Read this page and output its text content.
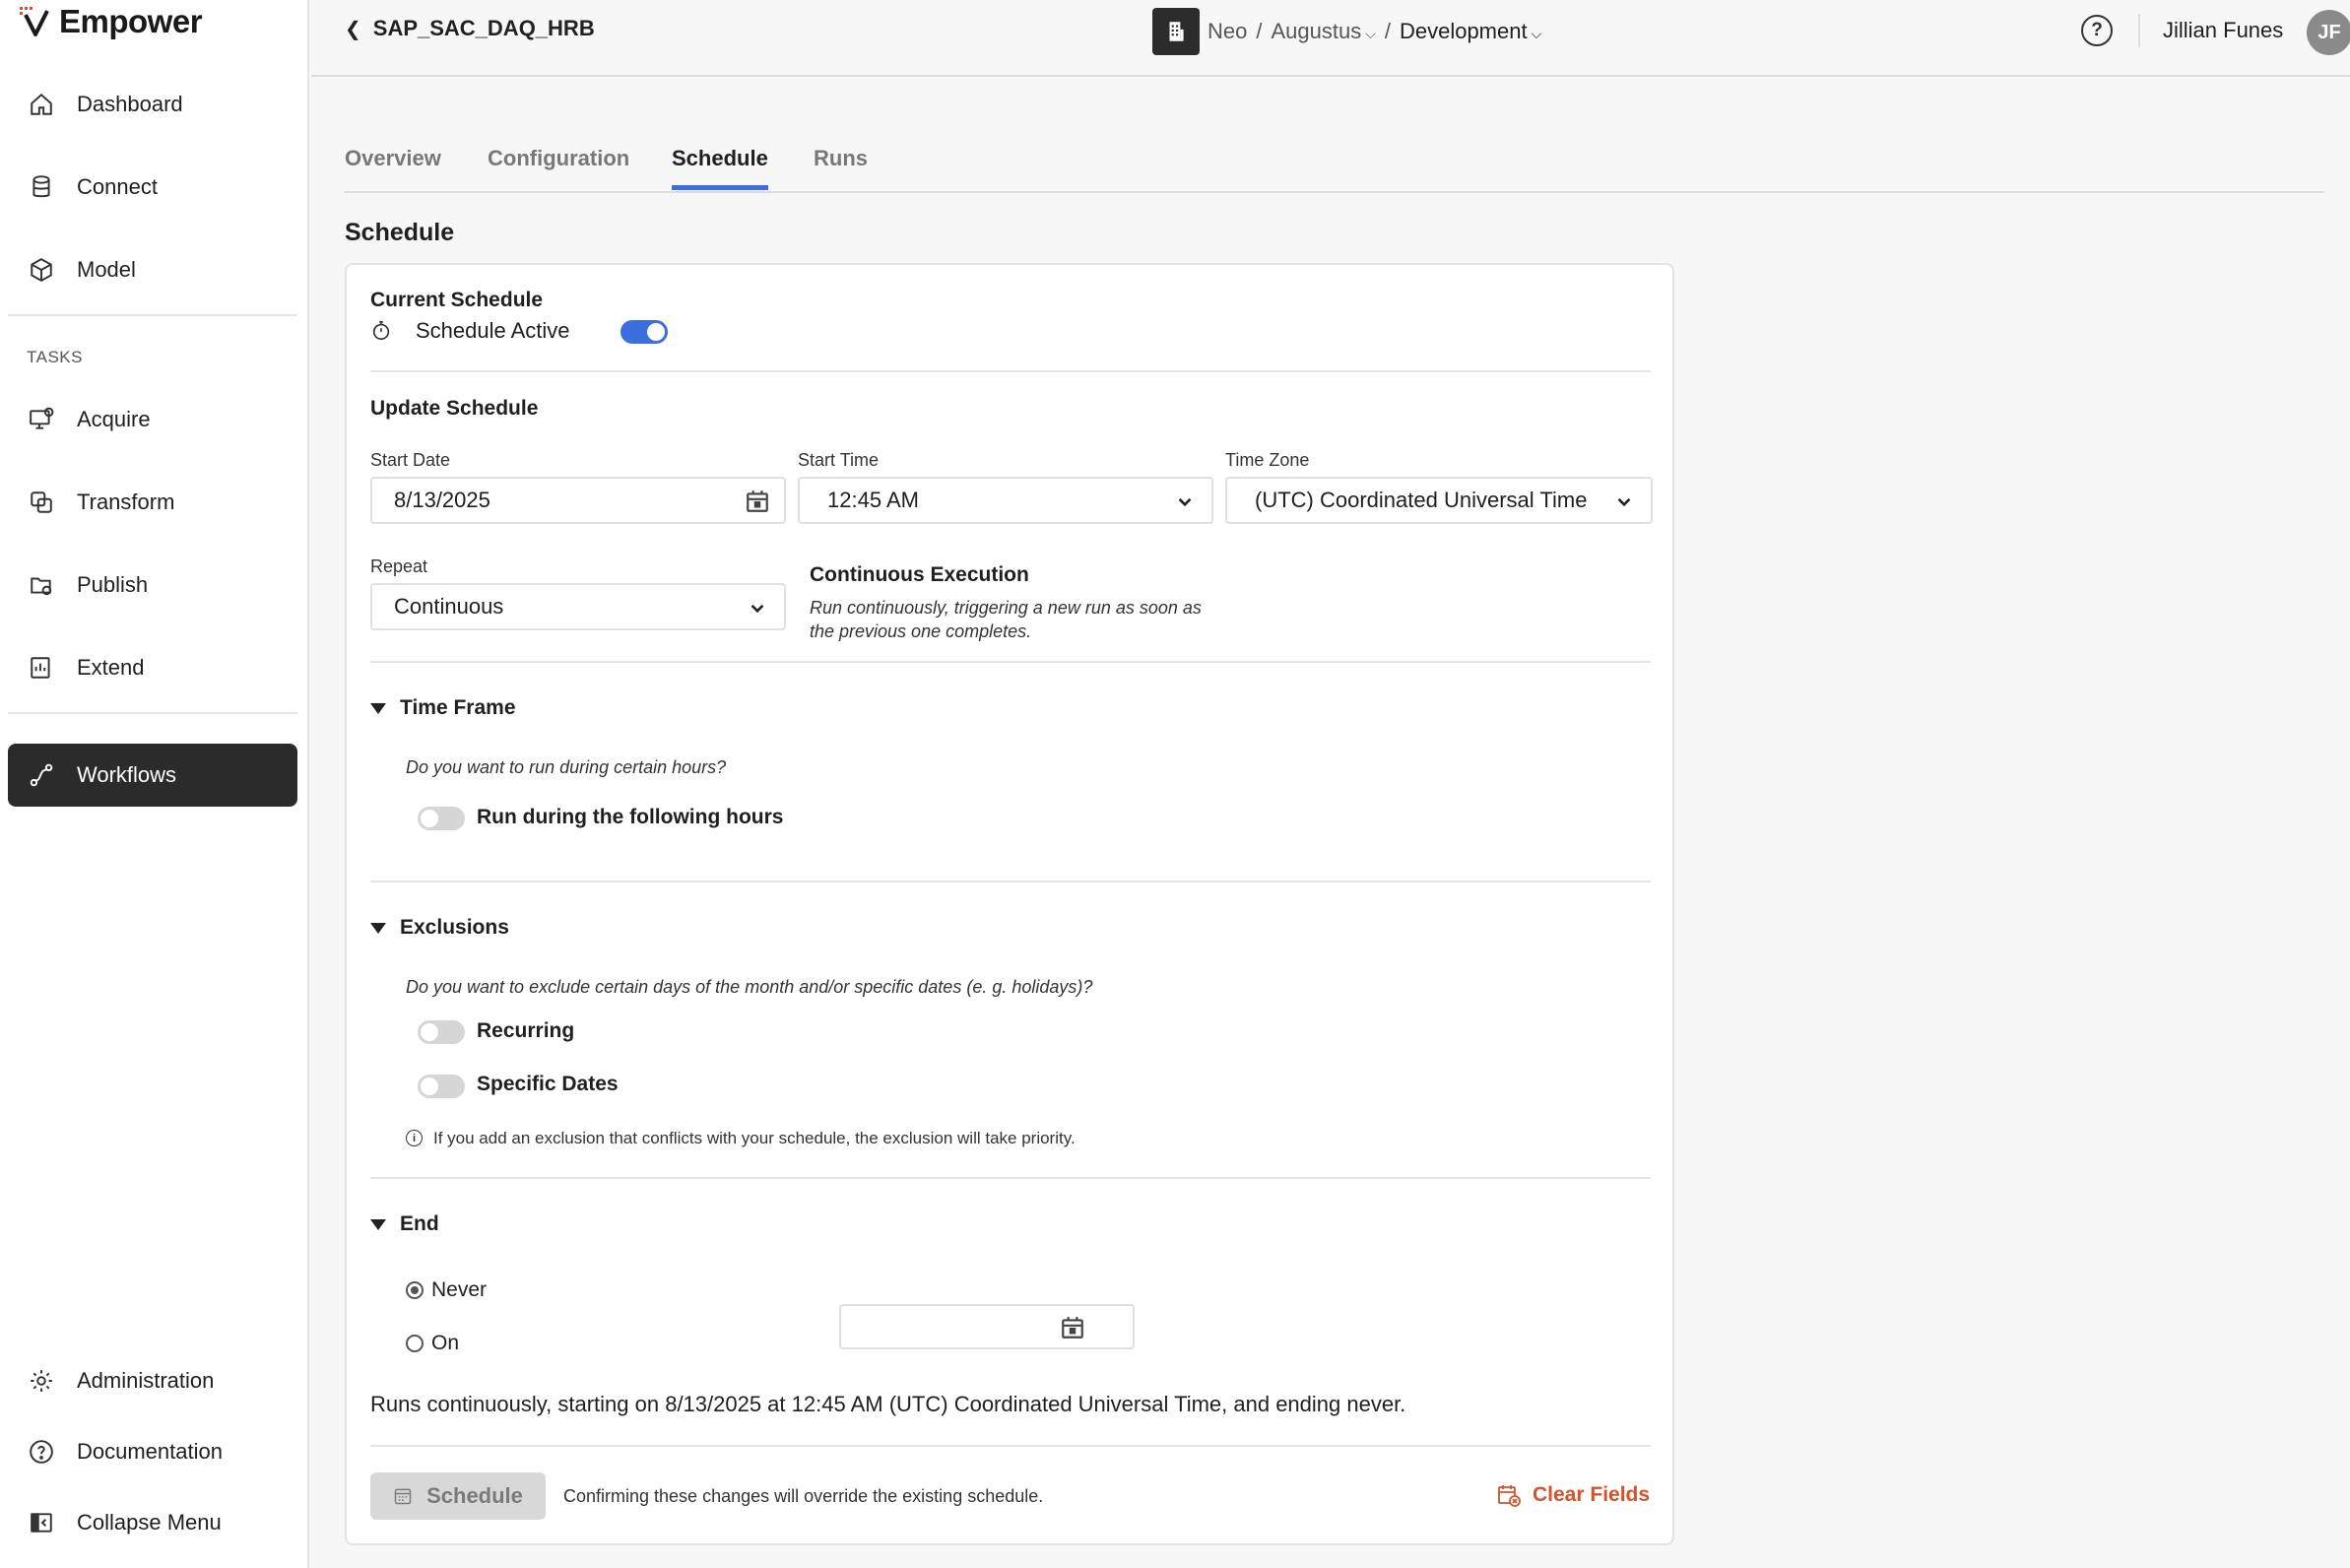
Empower
Dashboard
Connect
Model
TASKS
Acquire
Transform
Publish
Extend
Workflows
Administration
Documentation
Collapse Menu
❮ SAP_SAC_DAQ_HRB	Neo / Augustus ⌵ / Development ⌵	?	Jillian Funes	JF
Overview Configuration Schedule Runs
Schedule
Current Schedule
Schedule Active
Update Schedule
Start Date
8/13/2025
Start Time
12:45 AM
Time Zone
(UTC) Coordinated Universal Time
Repeat
Continuous
Continuous Execution
Run continuously, triggering a new run as soon as
the previous one completes.
Time Frame
Do you want to run during certain hours?
Run during the following hours
Exclusions
Do you want to exclude certain days of the month and/or specific dates (e. g. holidays)?
Recurring
Specific Dates
i	If you add an exclusion that conflicts with your schedule, the exclusion will take priority.
End
Never
On
Runs continuously, starting on 8/13/2025 at 12:45 AM (UTC) Coordinated Universal Time, and ending never.
Schedule Confirming these changes will override the existing schedule.	Clear Fields
